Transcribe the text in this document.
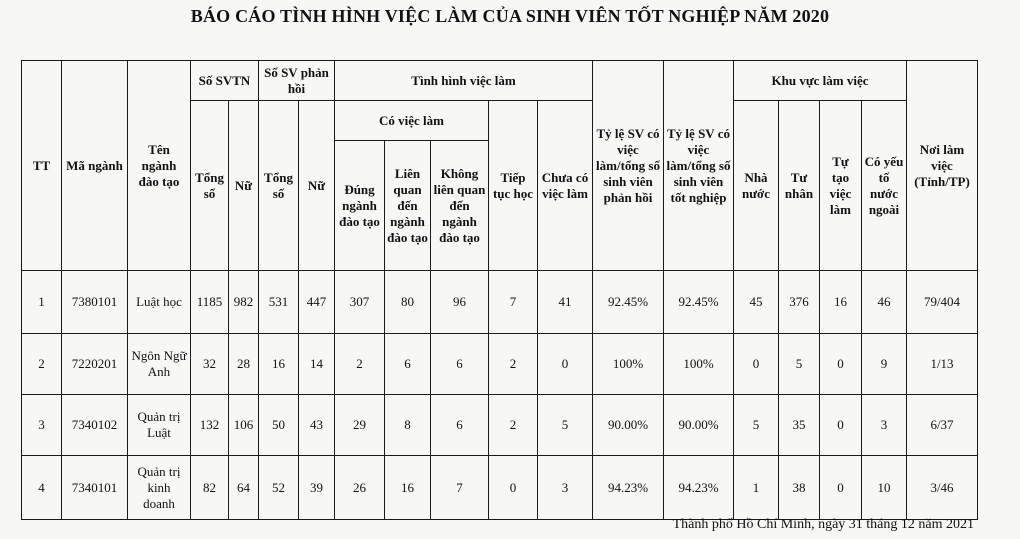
BÁO CÁO TÌNH HÌNH VIỆC LÀM CỦA SINH VIÊN TỐT NGHIỆP NĂM 2020
TT	Mã ngành	Tên ngành đào tạo	Số SVTN		Số SV phản hồi		Tình hình việc làm					Tỷ lệ SV có việc làm/tổng số sinh viên phản hồi	Tỷ lệ SV có việc làm/tổng số sinh viên tốt nghiệp	Khu vực làm việc				Nơi làm việc (Tỉnh/TP)
			Tổng số	Nữ	Tổng số	Nữ	Có việc làm			Tiếp tục học	Chưa có việc làm			Nhà nước	Tư nhân	Tự tạo việc làm	Có yếu tố nước ngoài	
							Đúng ngành đào tạo	Liên quan đến ngành đào tạo	Không liên quan đến ngành đào tạo									

1	7380101	Luật học	1185	982	531	447	307	80	96	7	41	92.45%	92.45%	45	376	16	46	79/404
2	7220201	Ngôn Ngữ Anh	32	28	16	14	2	6	6	2	0	100%	100%	0	5	0	9	1/13
3	7340102	Quản trị Luật	132	106	50	43	29	8	6	2	5	90.00%	90.00%	5	35	0	3	6/37
4	7340101	Quản trị kinh doanh	82	64	52	39	26	16	7	0	3	94.23%	94.23%	1	38	0	10	3/46
Thành phố Hồ Chí Minh, ngày 31 tháng 12 năm 2021
